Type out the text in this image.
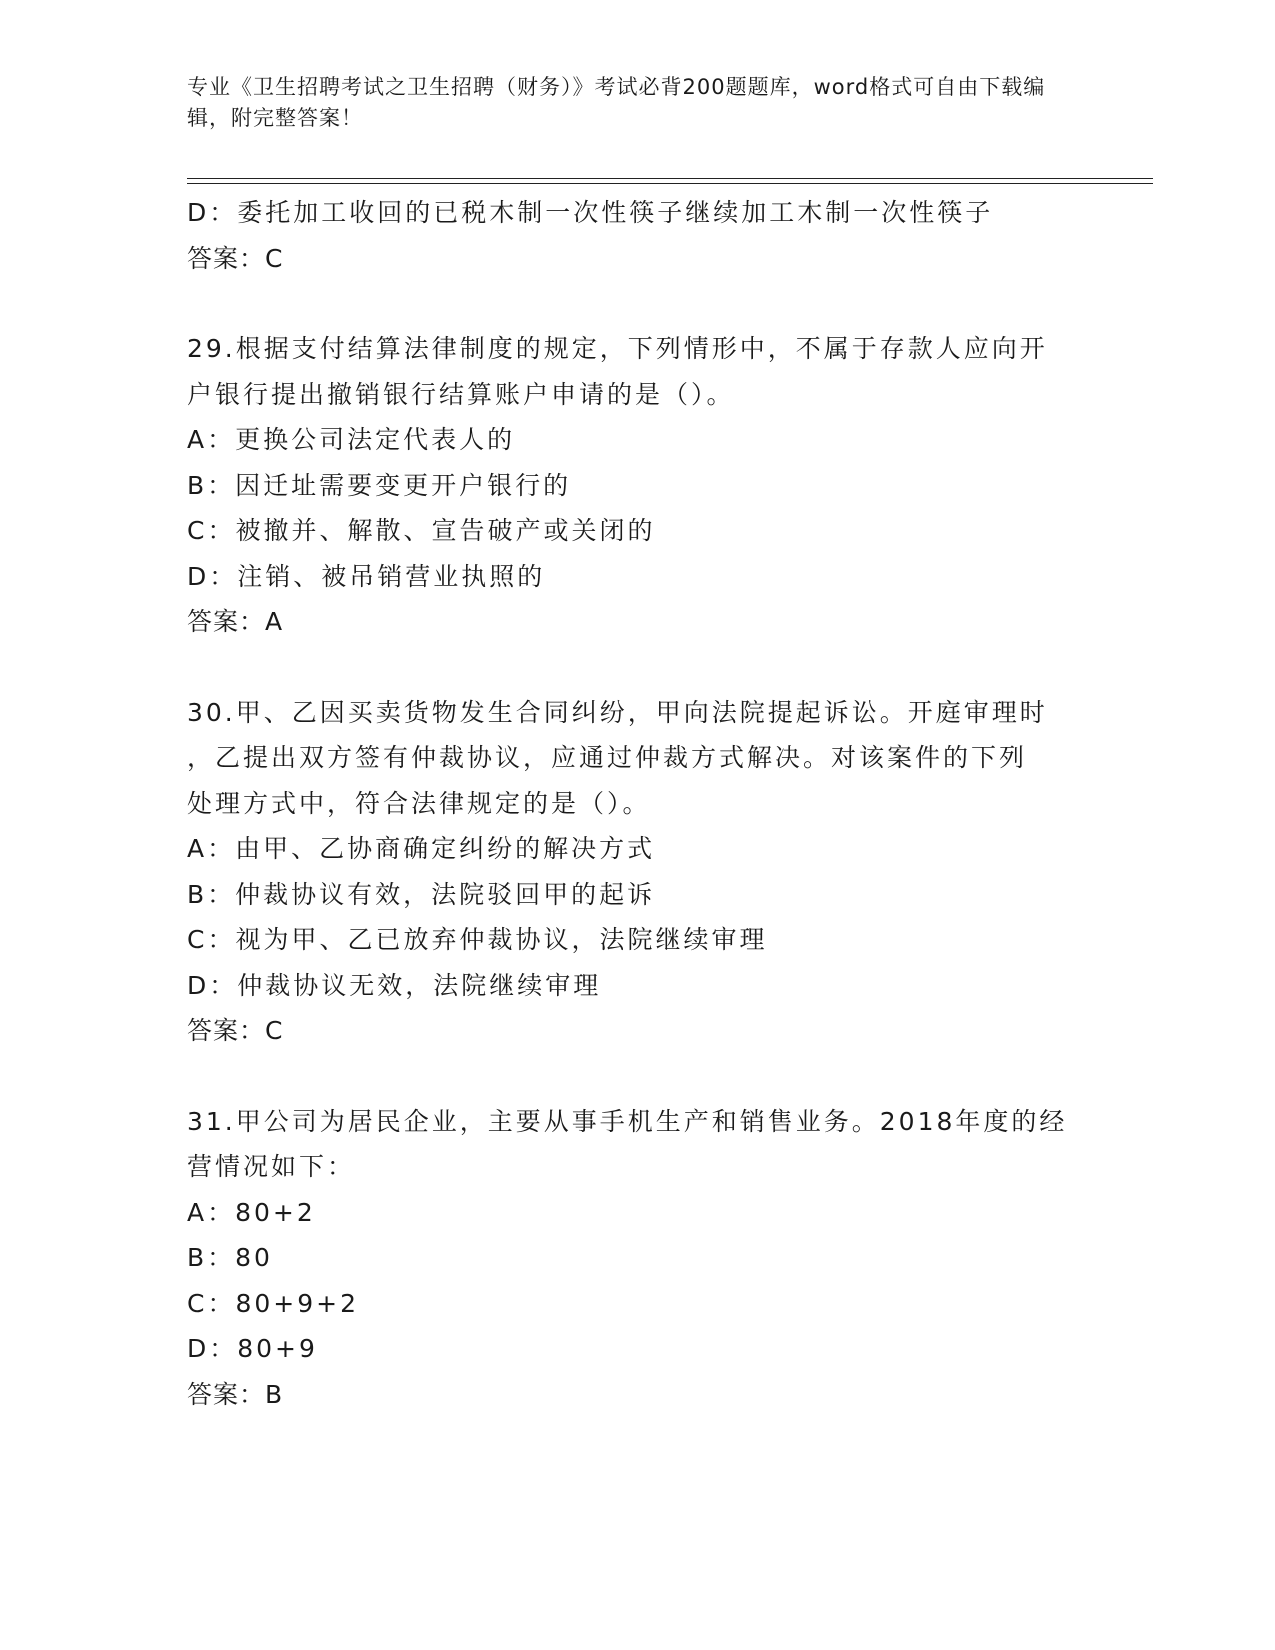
专业《卫生招聘考试之卫生招聘（财务）》考试必背200题题库，word格式可自由下载编辑，附完整答案！
D：委托加工收回的已税木制一次性筷子继续加工木制一次性筷子
答案：C
29.根据支付结算法律制度的规定，下列情形中，不属于存款人应向开
户银行提出撤销银行结算账户申请的是（）。
A：更换公司法定代表人的
B：因迁址需要变更开户银行的
C：被撤并、解散、宣告破产或关闭的
D：注销、被吊销营业执照的
答案：A
30.甲、乙因买卖货物发生合同纠纷，甲向法院提起诉讼。开庭审理时
，乙提出双方签有仲裁协议，应通过仲裁方式解决。对该案件的下列
处理方式中，符合法律规定的是（）。
A：由甲、乙协商确定纠纷的解决方式
B：仲裁协议有效，法院驳回甲的起诉
C：视为甲、乙已放弃仲裁协议，法院继续审理
D：仲裁协议无效，法院继续审理
答案：C
31.甲公司为居民企业，主要从事手机生产和销售业务。2018年度的经
营情况如下：
A：80+2
B：80
C：80+9+2
D：80+9
答案：B
